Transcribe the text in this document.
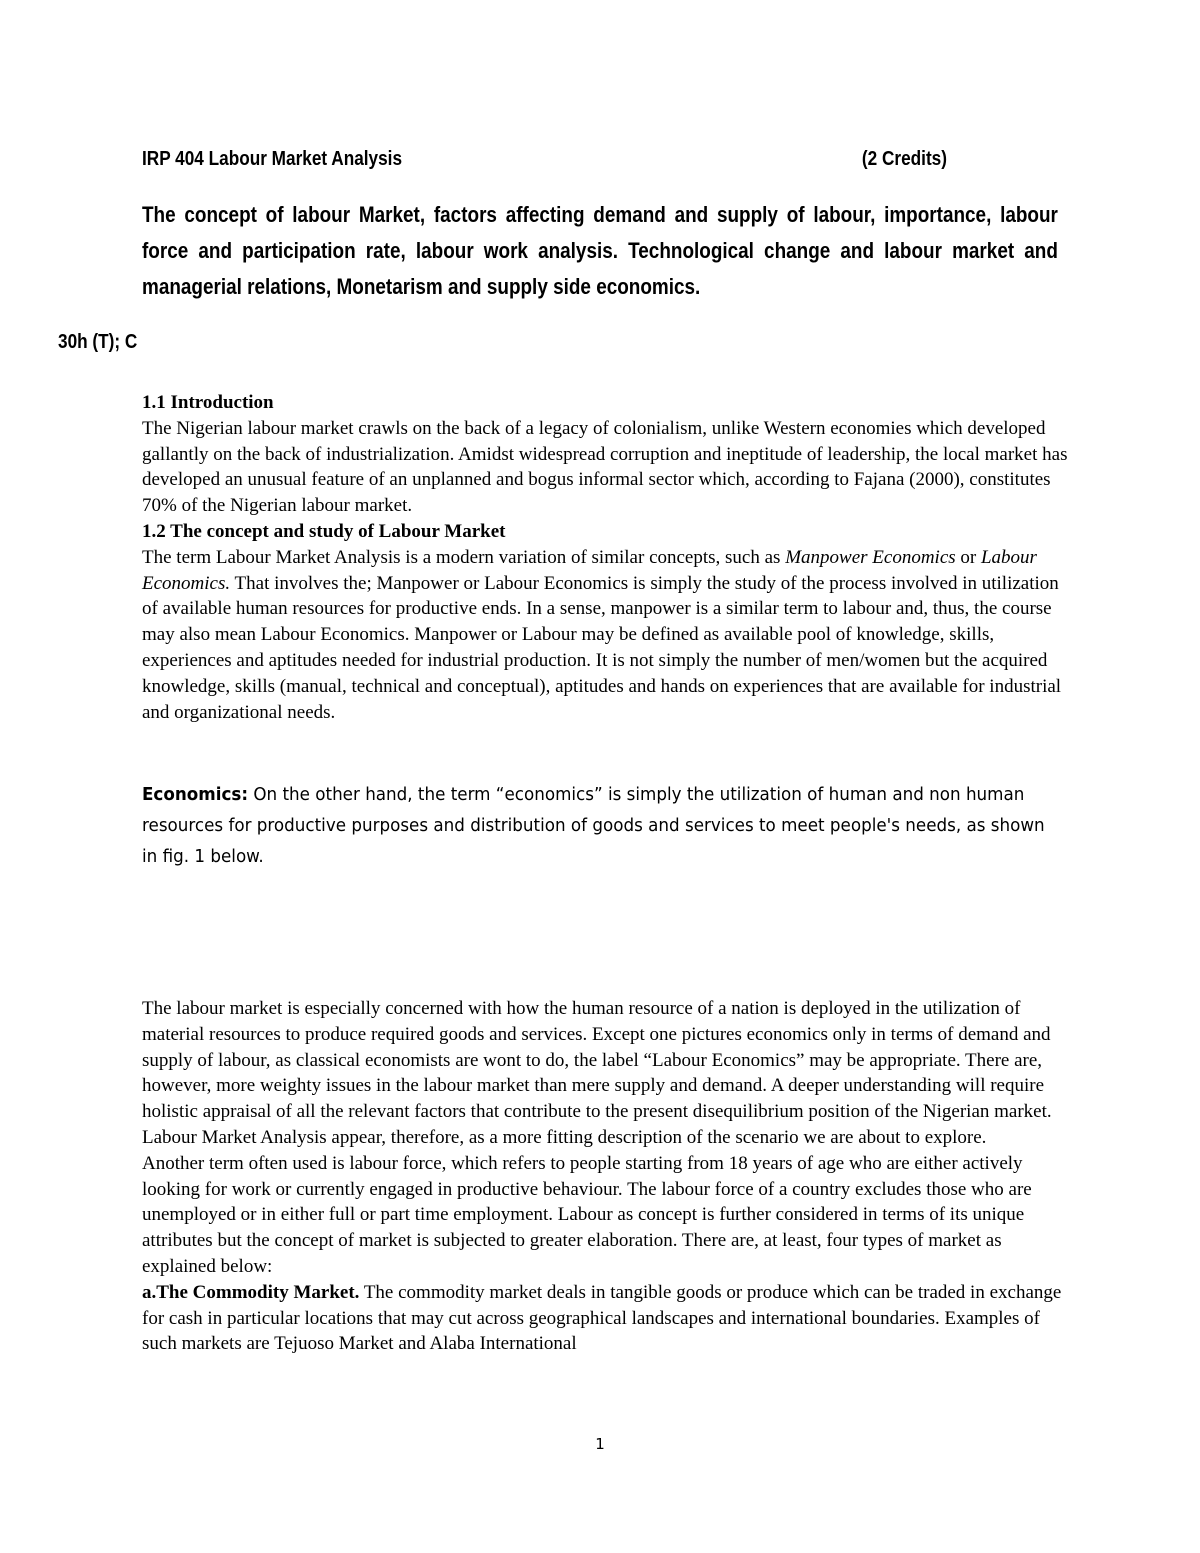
IRP 404 Labour Market Analysis	(2 Credits)
The concept of labour Market, factors affecting demand and supply of labour, importance, labour force and participation rate, labour work analysis. Technological change and labour market and managerial relations, Monetarism and supply side economics.
30h (T); C

1.1 Introduction

The Nigerian labour market crawls on the back of a legacy of colonialism, unlike Western economies which developed gallantly on the back of industrialization. Amidst widespread corruption and ineptitude of leadership, the local market has developed an unusual feature of an unplanned and bogus informal sector which, according to Fajana (2000), constitutes 70% of the Nigerian labour market.

1.2 The concept and study of Labour Market

The term Labour Market Analysis is a modern variation of similar concepts, such as Manpower Economics or Labour Economics. That involves the; Manpower or Labour Economics is simply the study of the process involved in utilization of available human resources for productive ends. In a sense, manpower is a similar term to labour and, thus, the course may also mean Labour Economics. Manpower or Labour may be defined as available pool of knowledge, skills, experiences and aptitudes needed for industrial production. It is not simply the number of men/women but the acquired knowledge, skills (manual, technical and conceptual), aptitudes and hands on experiences that are available for industrial and organizational needs.

Economics: On the other hand, the term “economics” is simply the utilization of human and non human resources for productive purposes and distribution of goods and services to meet people's needs, as shown in fig. 1 below.

The labour market is especially concerned with how the human resource of a nation is deployed in the utilization of material resources to produce required goods and services. Except one pictures economics only in terms of demand and supply of labour, as classical economists are wont to do, the label “Labour Economics” may be appropriate. There are, however, more weighty issues in the labour market than mere supply and demand. A deeper understanding will require holistic appraisal of all the relevant factors that contribute to the present disequilibrium position of the Nigerian market. Labour Market Analysis appear, therefore, as a more fitting description of the scenario we are about to explore.

Another term often used is labour force, which refers to people starting from 18 years of age who are either actively looking for work or currently engaged in productive behaviour. The labour force of a country excludes those who are unemployed or in either full or part time employment. Labour as concept is further considered in terms of its unique attributes but the concept of market is subjected to greater elaboration. There are, at least, four types of market as explained below:

a.The Commodity Market. The commodity market deals in tangible goods or produce which can be traded in exchange for cash in particular locations that may cut across geographical landscapes and international boundaries. Examples of such markets are Tejuoso Market and Alaba International

1
